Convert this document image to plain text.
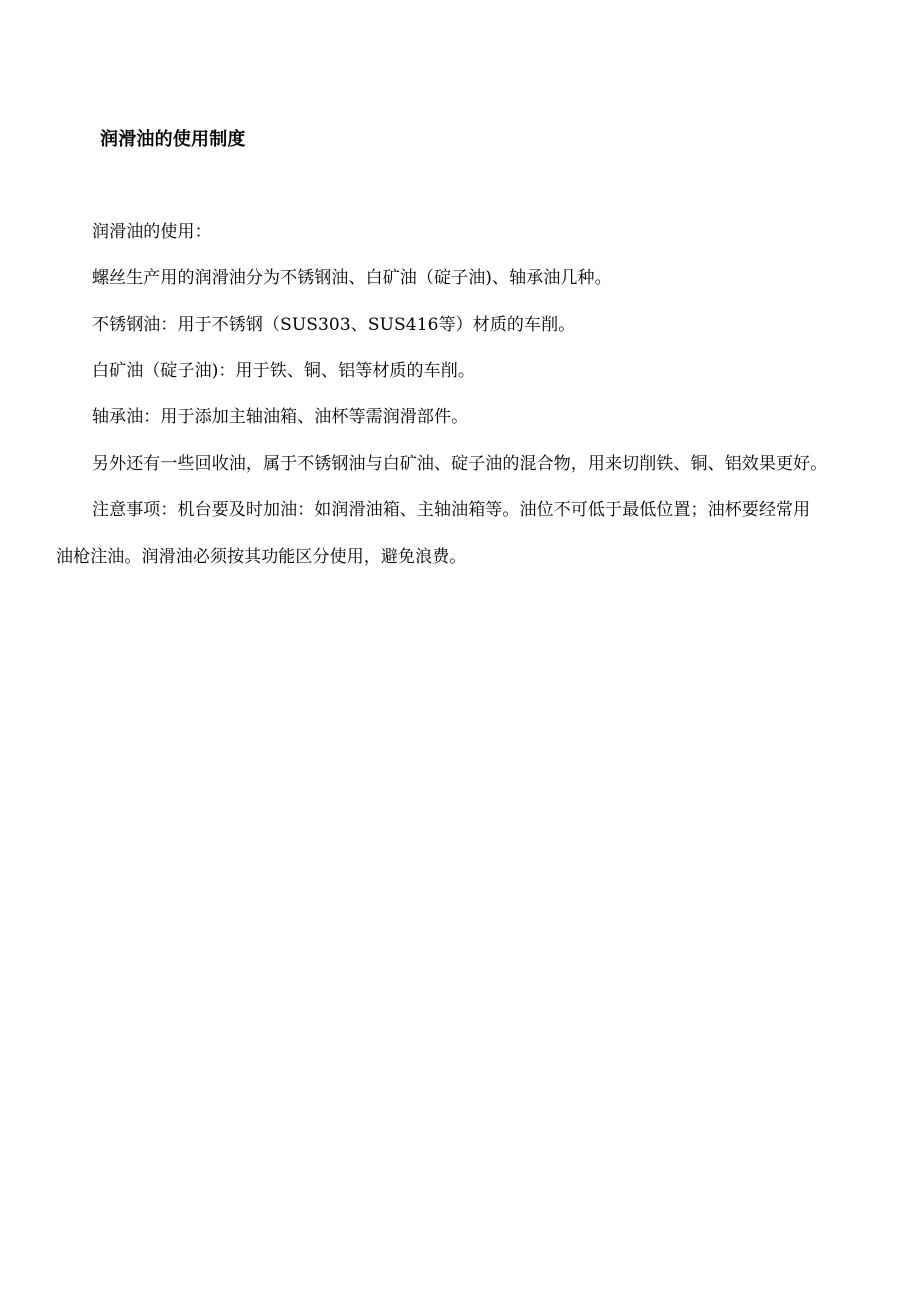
润滑油的使用制度
润滑油的使用：
螺丝生产用的润滑油分为不锈钢油、白矿油（碇子油)、轴承油几种。
不锈钢油：用于不锈钢（SUS303、SUS416等）材质的车削。
白矿油（碇子油)：用于铁、铜、铝等材质的车削。
轴承油：用于添加主轴油箱、油杯等需润滑部件。
另外还有一些回收油，属于不锈钢油与白矿油、碇子油的混合物，用来切削铁、铜、铝效果更好。
注意事项：机台要及时加油：如润滑油箱、主轴油箱等。油位不可低于最低位置；油杯要经常用
油枪注油。润滑油必须按其功能区分使用，避免浪费。
